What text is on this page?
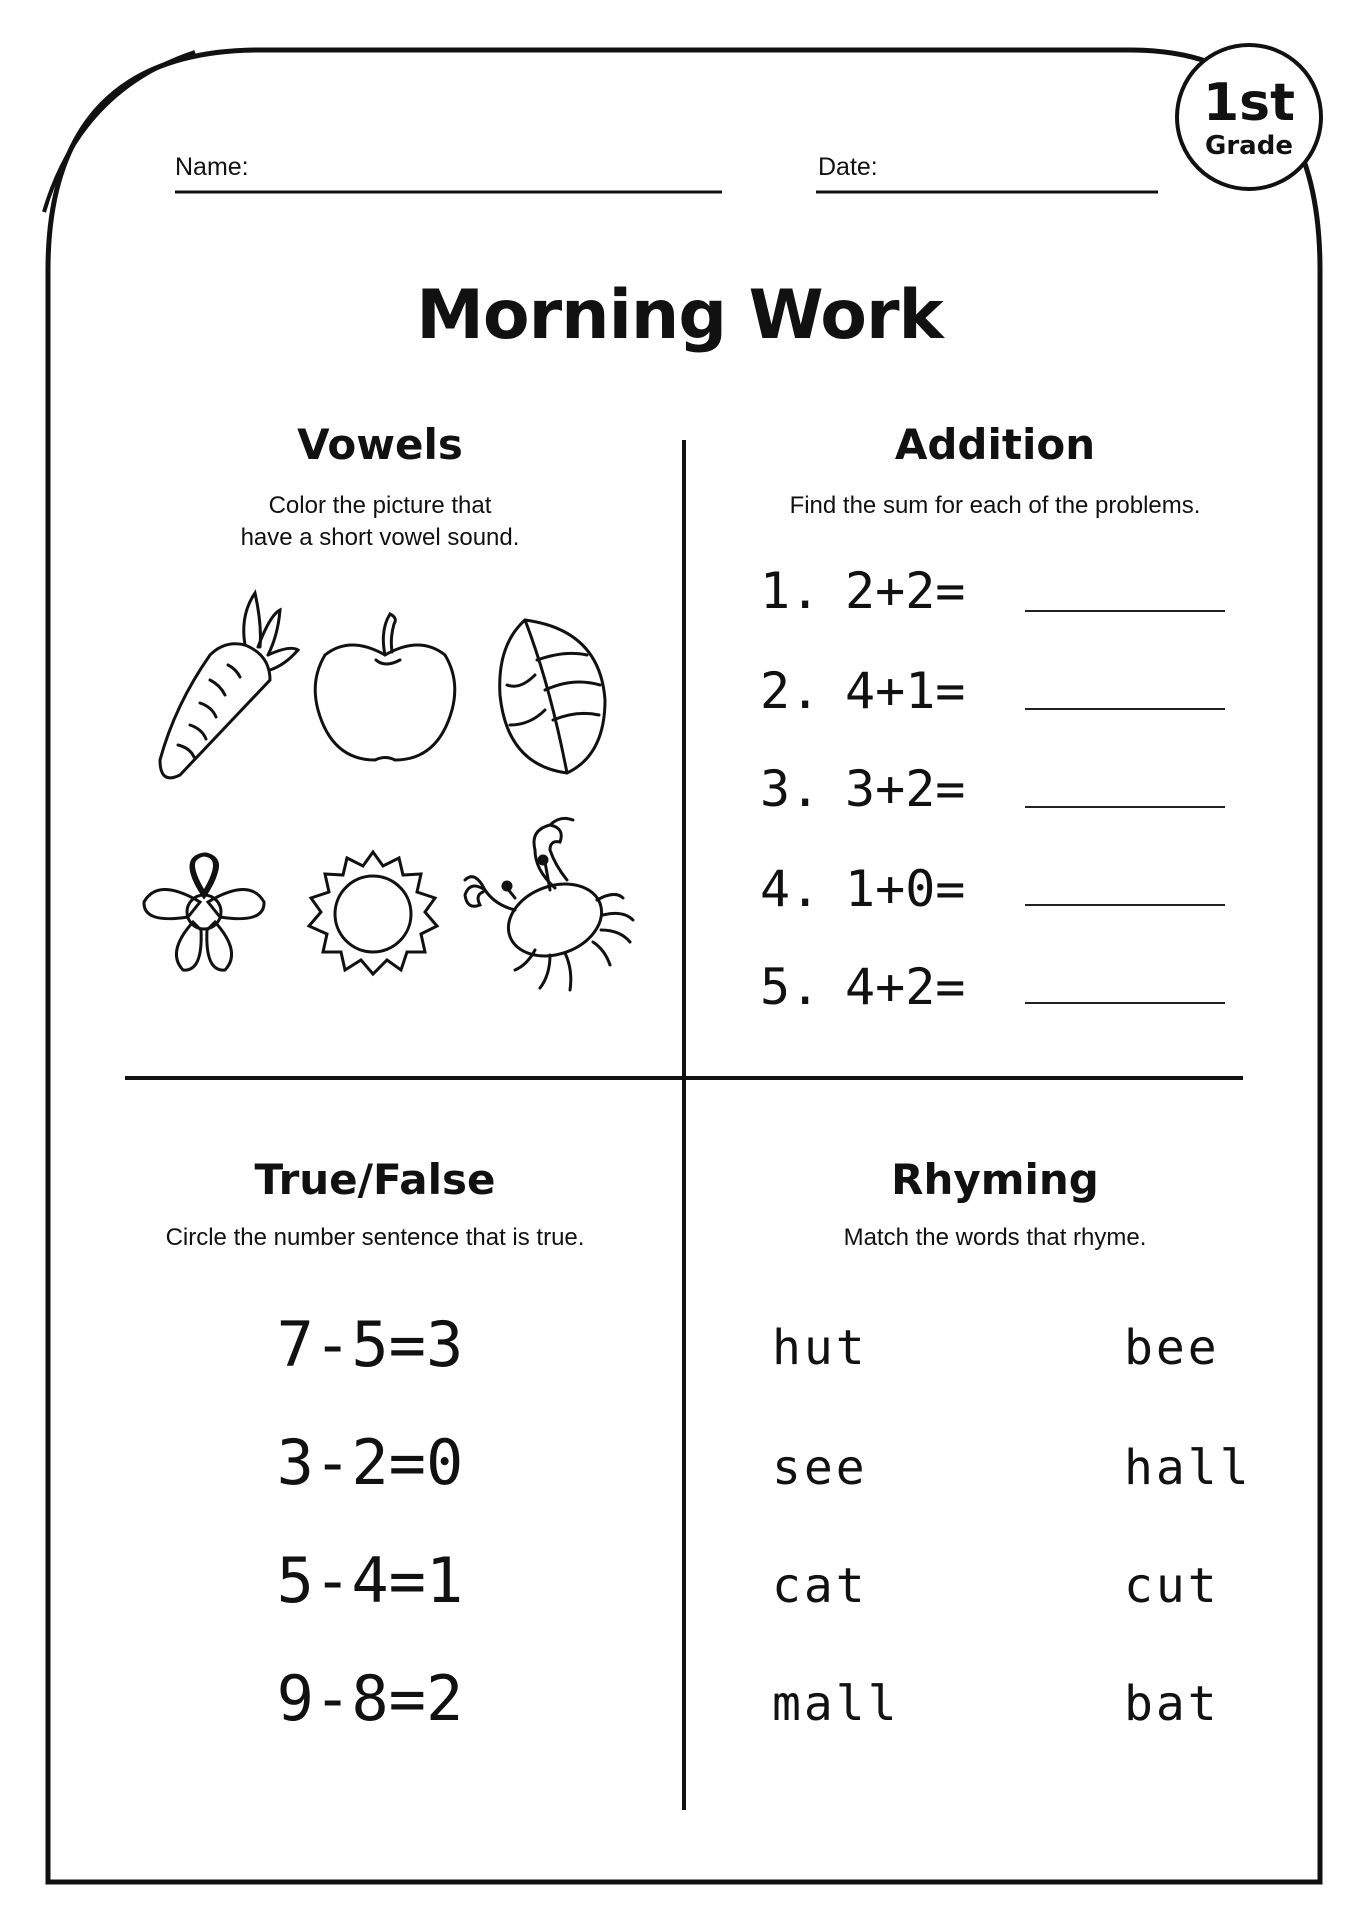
Name:	Date:
1st
Grade
Morning Work
Vowels
Color the picture that
have a short vowel sound.
Addition
Find the sum for each of the problems.
1. 2+2=
2. 4+1=
3. 3+2=
4. 1+0=
5. 4+2=
True/False
Circle the number sentence that is true.
7-5=3
3-2=0
5-4=1
9-8=2
Rhyming
Match the words that rhyme.
hut
see
cat
mall
bee
hall
cut
bat
